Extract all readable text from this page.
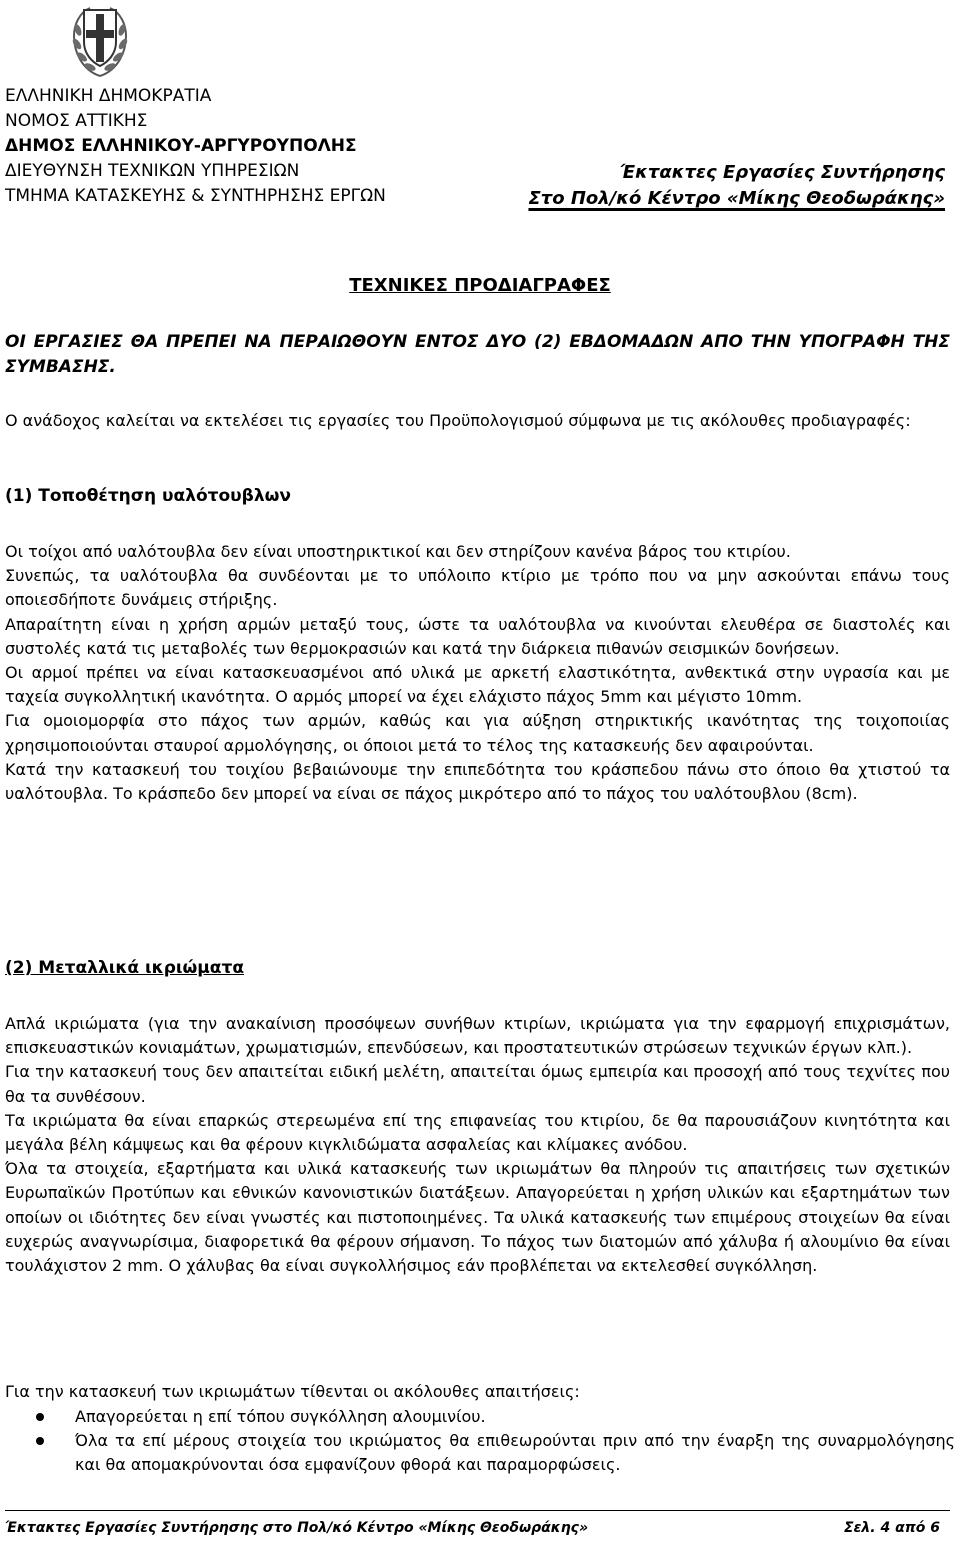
ΕΛΛΗΝΙΚΗ ΔΗΜΟΚΡΑΤΙΑ
ΝΟΜΟΣ ΑΤΤΙΚΗΣ
ΔΗΜΟΣ ΕΛΛΗΝΙΚΟΥ-ΑΡΓΥΡΟΥΠΟΛΗΣ
ΔΙΕΥΘΥΝΣΗ ΤΕΧΝΙΚΩΝ ΥΠΗΡΕΣΙΩΝ
ΤΜΗΜΑ ΚΑΤΑΣΚΕΥΗΣ & ΣΥΝΤΗΡΗΣΗΣ ΕΡΓΩΝ
Έκτακτες Εργασίες Συντήρησης
Στο Πολ/κό Κέντρο «Μίκης Θεοδωράκης»
ΤΕΧΝΙΚΕΣ ΠΡΟΔΙΑΓΡΑΦΕΣ
ΟΙ ΕΡΓΑΣΙΕΣ ΘΑ ΠΡΕΠΕΙ ΝΑ ΠΕΡΑΙΩΘΟΥΝ ΕΝΤΟΣ ΔΥΟ (2) ΕΒΔΟΜΑΔΩΝ ΑΠΟ ΤΗΝ ΥΠΟΓΡΑΦΗ ΤΗΣ ΣΥΜΒΑΣΗΣ.
Ο ανάδοχος καλείται να εκτελέσει τις εργασίες του Προϋπολογισμού σύμφωνα με τις ακόλουθες προδιαγραφές:
(1) Τοποθέτηση υαλότουβλων

Οι τοίχοι από υαλότουβλα δεν είναι υποστηρικτικοί και δεν στηρίζουν κανένα βάρος του κτιρίου.

Συνεπώς, τα υαλότουβλα θα συνδέονται με το υπόλοιπο κτίριο με τρόπο που να μην ασκούνται επάνω τους οποιεσδήποτε δυνάμεις στήριξης.

Απαραίτητη είναι η χρήση αρμών μεταξύ τους, ώστε τα υαλότουβλα να κινούνται ελευθέρα σε διαστολές και συστολές κατά τις μεταβολές των θερμοκρασιών και κατά την διάρκεια πιθανών σεισμικών δονήσεων.

Οι αρμοί πρέπει να είναι κατασκευασμένοι από υλικά με αρκετή ελαστικότητα, ανθεκτικά στην υγρασία και με ταχεία συγκολλητική ικανότητα. Ο αρμός μπορεί να έχει ελάχιστο πάχος 5mm και μέγιστο 10mm.

Για ομοιομορφία στο πάχος των αρμών, καθώς και για αύξηση στηρικτικής ικανότητας της τοιχοποιίας χρησιμοποιούνται σταυροί αρμολόγησης, οι όποιοι μετά το τέλος της κατασκευής δεν αφαιρούνται.

Κατά την κατασκευή του τοιχίου βεβαιώνουμε την επιπεδότητα του κράσπεδου πάνω στο όποιο θα χτιστού τα υαλότουβλα. Το κράσπεδο δεν μπορεί να είναι σε πάχος μικρότερο από το πάχος του υαλότουβλου (8cm).

(2) Μεταλλικά ικριώματα

Απλά ικριώματα (για την ανακαίνιση προσόψεων συνήθων κτιρίων, ικριώματα για την εφαρμογή επιχρισμάτων, επισκευαστικών κονιαμάτων, χρωματισμών, επενδύσεων, και προστατευτικών στρώσεων τεχνικών έργων κλπ.).

Για την κατασκευή τους δεν απαιτείται ειδική μελέτη, απαιτείται όμως εμπειρία και προσοχή από τους τεχνίτες που θα τα συνθέσουν.

Τα ικριώματα θα είναι επαρκώς στερεωμένα επί της επιφανείας του κτιρίου, δε θα παρουσιάζουν κινητότητα και μεγάλα βέλη κάμψεως και θα φέρουν κιγκλιδώματα ασφαλείας και κλίμακες ανόδου.

Όλα τα στοιχεία, εξαρτήματα και υλικά κατασκευής των ικριωμάτων θα πληρούν τις απαιτήσεις των σχετικών Ευρωπαϊκών Προτύπων και εθνικών κανονιστικών διατάξεων. Απαγορεύεται η χρήση υλικών και εξαρτημάτων των οποίων οι ιδιότητες δεν είναι γνωστές και πιστοποιημένες. Τα υλικά κατασκευής των επιμέρους στοιχείων θα είναι ευχερώς αναγνωρίσιμα, διαφορετικά θα φέρουν σήμανση. Το πάχος των διατομών από χάλυβα ή αλουμίνιο θα είναι τουλάχιστον 2 mm. Ο χάλυβας θα είναι συγκολλήσιμος εάν προβλέπεται να εκτελεσθεί συγκόλληση.

Για την κατασκευή των ικριωμάτων τίθενται οι ακόλουθες απαιτήσεις:
Απαγορεύεται η επί τόπου συγκόλληση αλουμινίου.
Όλα τα επί μέρους στοιχεία του ικριώματος θα επιθεωρούνται πριν από την έναρξη της συναρμολόγησης και θα απομακρύνονται όσα εμφανίζουν φθορά και παραμορφώσεις.
Έκτακτες Εργασίες Συντήρησης στο Πολ/κό Κέντρο «Μίκης Θεοδωράκης»	Σελ. 4 από 6
